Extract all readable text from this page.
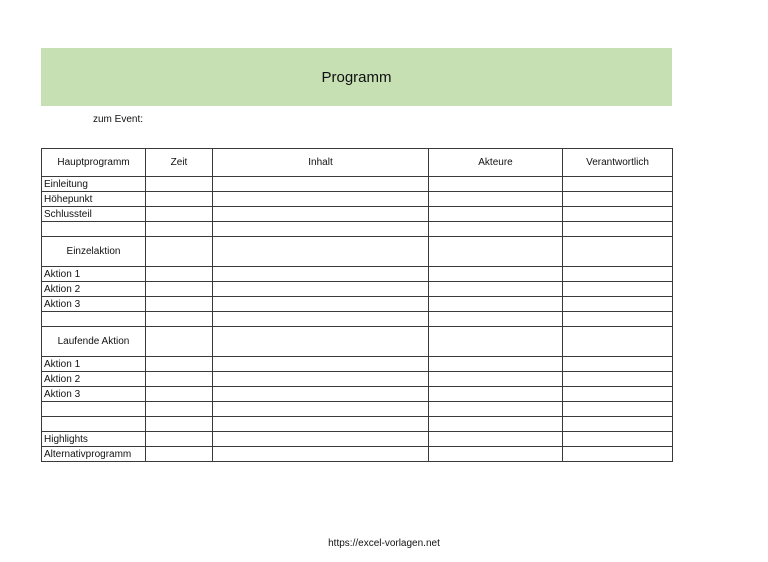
Programm
zum Event:
Hauptprogramm	Zeit	Inhalt	Akteure	Verantwortlich
Einleitung				
Höhepunkt				
Schlussteil				

Einzelaktion				
Aktion 1				
Aktion 2				
Aktion 3				

Laufende Aktion				
Aktion 1				
Aktion 2				
Aktion 3				

Highlights				
Alternativprogramm				
https://excel-vorlagen.net
